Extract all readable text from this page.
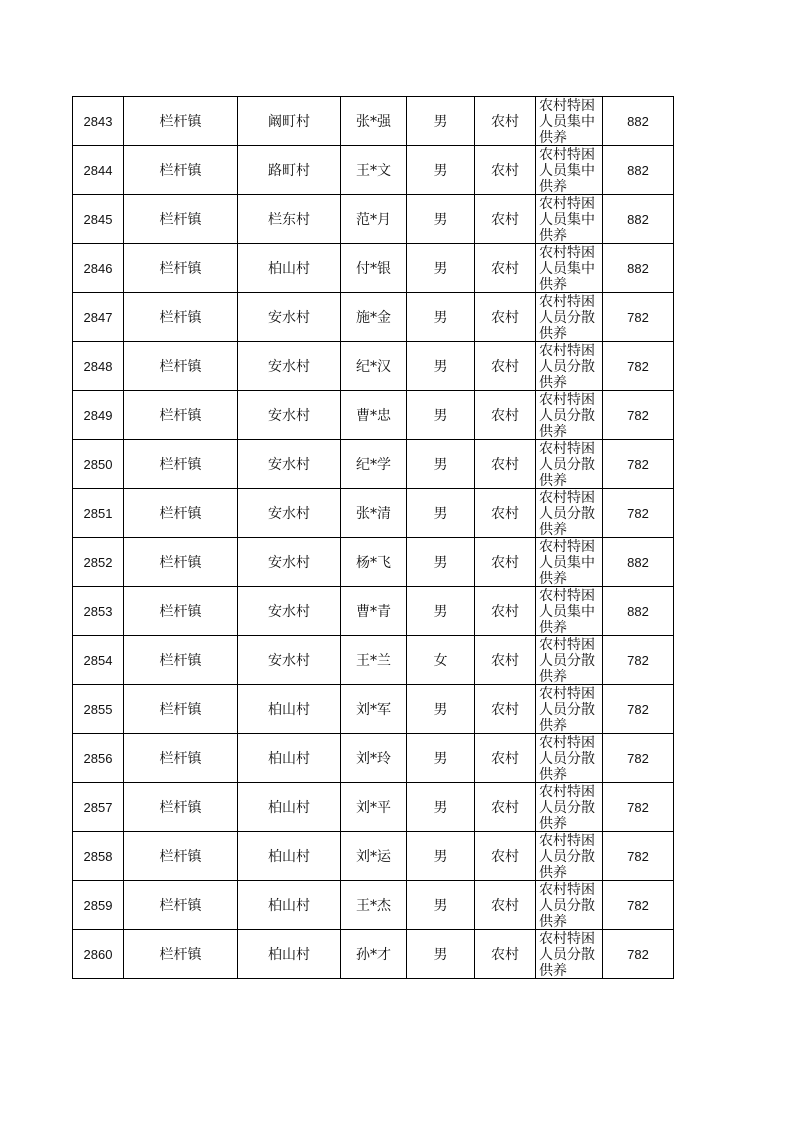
2843	栏杆镇	阚町村	张*强	男	农村	农村特困人员集中供养	882
2844	栏杆镇	路町村	王*文	男	农村	农村特困人员集中供养	882
2845	栏杆镇	栏东村	范*月	男	农村	农村特困人员集中供养	882
2846	栏杆镇	柏山村	付*银	男	农村	农村特困人员集中供养	882
2847	栏杆镇	安水村	施*金	男	农村	农村特困人员分散供养	782
2848	栏杆镇	安水村	纪*汉	男	农村	农村特困人员分散供养	782
2849	栏杆镇	安水村	曹*忠	男	农村	农村特困人员分散供养	782
2850	栏杆镇	安水村	纪*学	男	农村	农村特困人员分散供养	782
2851	栏杆镇	安水村	张*清	男	农村	农村特困人员分散供养	782
2852	栏杆镇	安水村	杨*飞	男	农村	农村特困人员集中供养	882
2853	栏杆镇	安水村	曹*青	男	农村	农村特困人员集中供养	882
2854	栏杆镇	安水村	王*兰	女	农村	农村特困人员分散供养	782
2855	栏杆镇	柏山村	刘*军	男	农村	农村特困人员分散供养	782
2856	栏杆镇	柏山村	刘*玲	男	农村	农村特困人员分散供养	782
2857	栏杆镇	柏山村	刘*平	男	农村	农村特困人员分散供养	782
2858	栏杆镇	柏山村	刘*运	男	农村	农村特困人员分散供养	782
2859	栏杆镇	柏山村	王*杰	男	农村	农村特困人员分散供养	782
2860	栏杆镇	柏山村	孙*才	男	农村	农村特困人员分散供养	782
